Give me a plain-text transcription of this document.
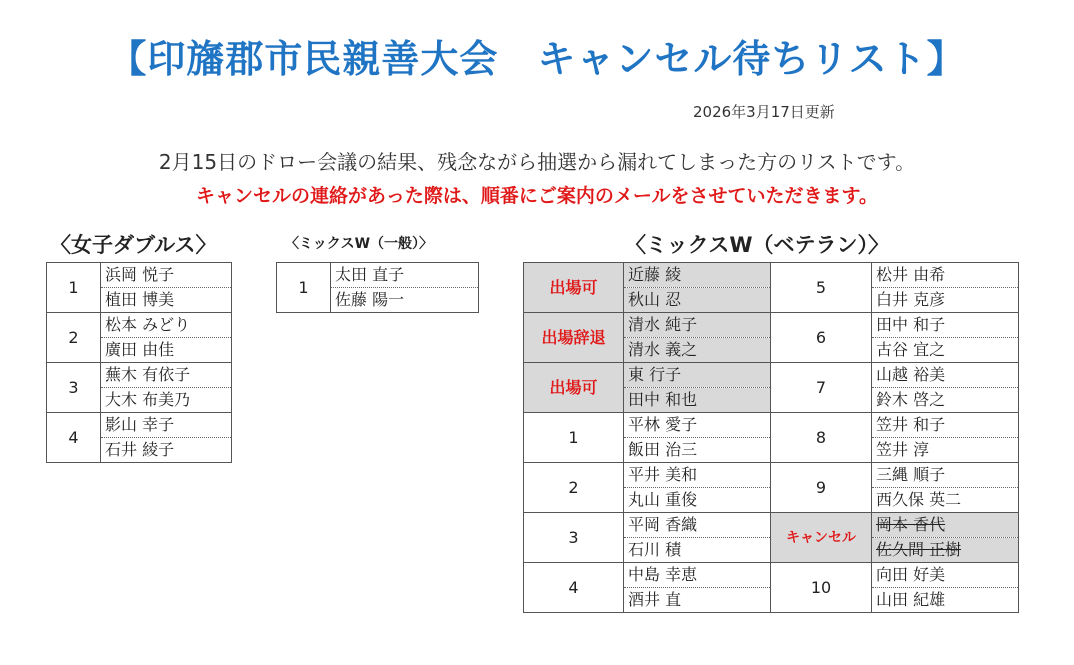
【印旛郡市民親善大会　キャンセル待ちリスト】
2026年3月17日更新
2月15日のドロー会議の結果、残念ながら抽選から漏れてしまった方のリストです。
キャンセルの連絡があった際は、順番にご案内のメールをさせていただきます。
〈女子ダブルス〉	〈ミックスW（一般）〉	〈ミックスW（ベテラン）〉
1	浜岡 悦子
	植田 博美
2	松本 みどり
	廣田 由佳
3	蕪木 有依子
	大木 布美乃
4	影山 幸子
	石井 綾子
1	太田 直子
佐藤 陽一
出場可	近藤 綾	5	松井 由希
	秋山 忍		白井 克彦
出場辞退	清水 純子	6	田中 和子
	清水 義之		古谷 宜之
出場可	東 行子	7	山越 裕美
	田中 和也		鈴木 啓之
1	平林 愛子	8	笠井 和子
	飯田 治三		笠井 淳
2	平井 美和	9	三縄 順子
	丸山 重俊		西久保 英二
3	平岡 香織	キャンセル	岡本 香代
	石川 積		佐久間 正樹
4	中島 幸恵	10	向田 好美
	酒井 直		山田 紀雄
